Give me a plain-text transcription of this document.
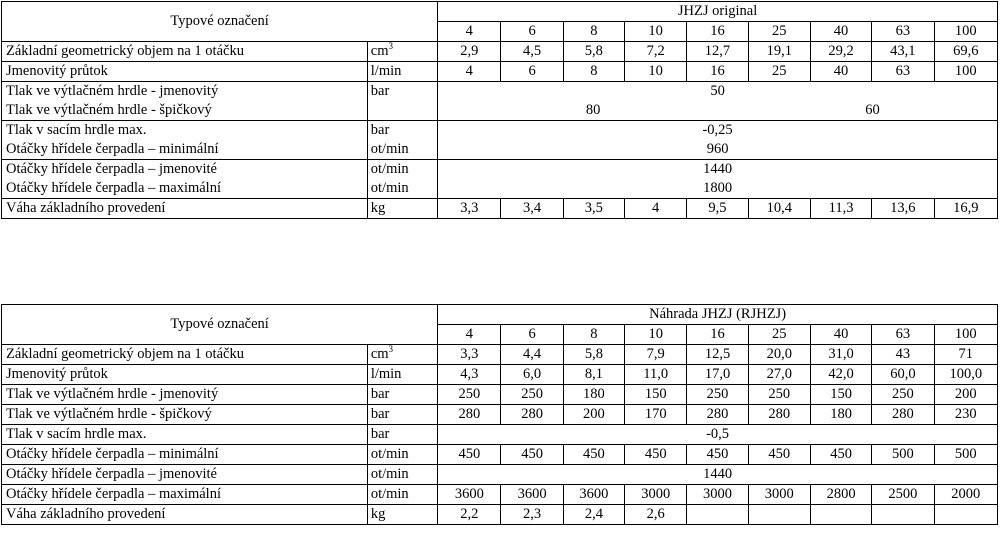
Typové označení		JHZJ original								
		4	6	8	10	16	25	40	63	100
Základní geometrický objem na 1 otáčku	$cm^3$	2,9	4,5	5,8	7,2	12,7	19,1	29,2	43,1	69,6
Jmenovitý průtok	l/min	4	6	8	10	16	25	40	63	100
Tlak ve výtlačném hrdle - jmenovitý	bar	50								
Tlak ve výtlačném hrdle - špičkový		80					60			
Tlak v sacím hrdle max.	bar	-0,25								
Otáčky hřídele čerpadla – minimální	ot/min	960								
Otáčky hřídele čerpadla – jmenovité	ot/min	1440								
Otáčky hřídele čerpadla – maximální	ot/min	1800								
Váha základního provedení	kg	3,3	3,4	3,5	4	9,5	10,4	11,3	13,6	16,9
Typové označení		Náhrada JHZJ (RJHZJ)								
		4	6	8	10	16	25	40	63	100
Základní geometrický objem na 1 otáčku	$cm^3$	3,3	4,4	5,8	7,9	12,5	20,0	31,0	43	71
Jmenovitý průtok	l/min	4,3	6,0	8,1	11,0	17,0	27,0	42,0	60,0	100,0
Tlak ve výtlačném hrdle - jmenovitý	bar	250	250	180	150	250	250	150	250	200
Tlak ve výtlačném hrdle - špičkový	bar	280	280	200	170	280	280	180	280	230
Tlak v sacím hrdle max.	bar	-0,5								
Otáčky hřídele čerpadla – minimální	ot/min	450	450	450	450	450	450	450	500	500
Otáčky hřídele čerpadla – jmenovité	ot/min	1440								
Otáčky hřídele čerpadla – maximální	ot/min	3600	3600	3600	3000	3000	3000	2800	2500	2000
Váha základního provedení	kg	2,2	2,3	2,4	2,6					
